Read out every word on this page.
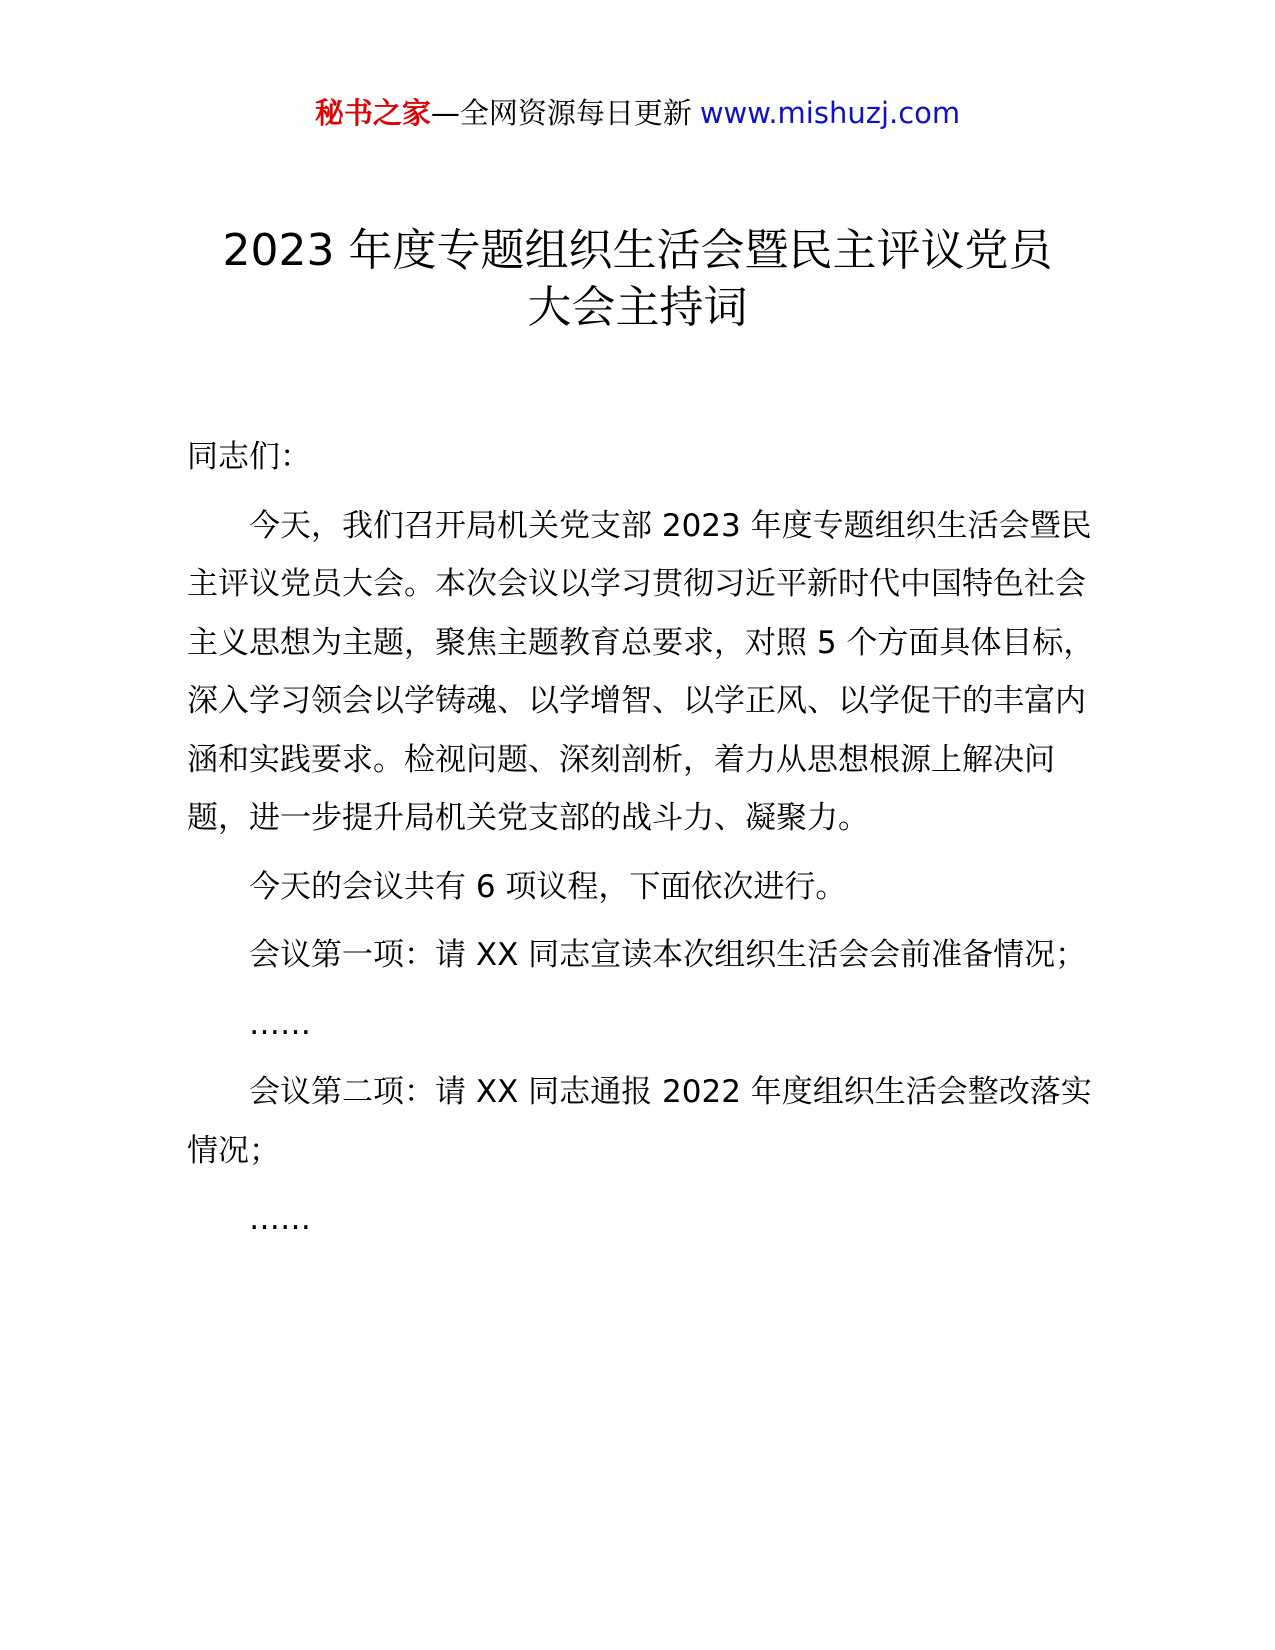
秘书之家—全网资源每日更新 www.mishuzj.com
2023 年度专题组织生活会暨民主评议党员
大会主持词

同志们：

今天，我们召开局机关党支部 2023 年度专题组织生活会暨民主评议党员大会。本次会议以学习贯彻习近平新时代中国特色社会主义思想为主题，聚焦主题教育总要求，对照 5 个方面具体目标，深入学习领会以学铸魂、以学增智、以学正风、以学促干的丰富内涵和实践要求。检视问题、深刻剖析，着力从思想根源上解决问题，进一步提升局机关党支部的战斗力、凝聚力。

今天的会议共有 6 项议程，下面依次进行。

会议第一项：请 XX 同志宣读本次组织生活会会前准备情况；

……

会议第二项：请 XX 同志通报 2022 年度组织生活会整改落实情况；

……
